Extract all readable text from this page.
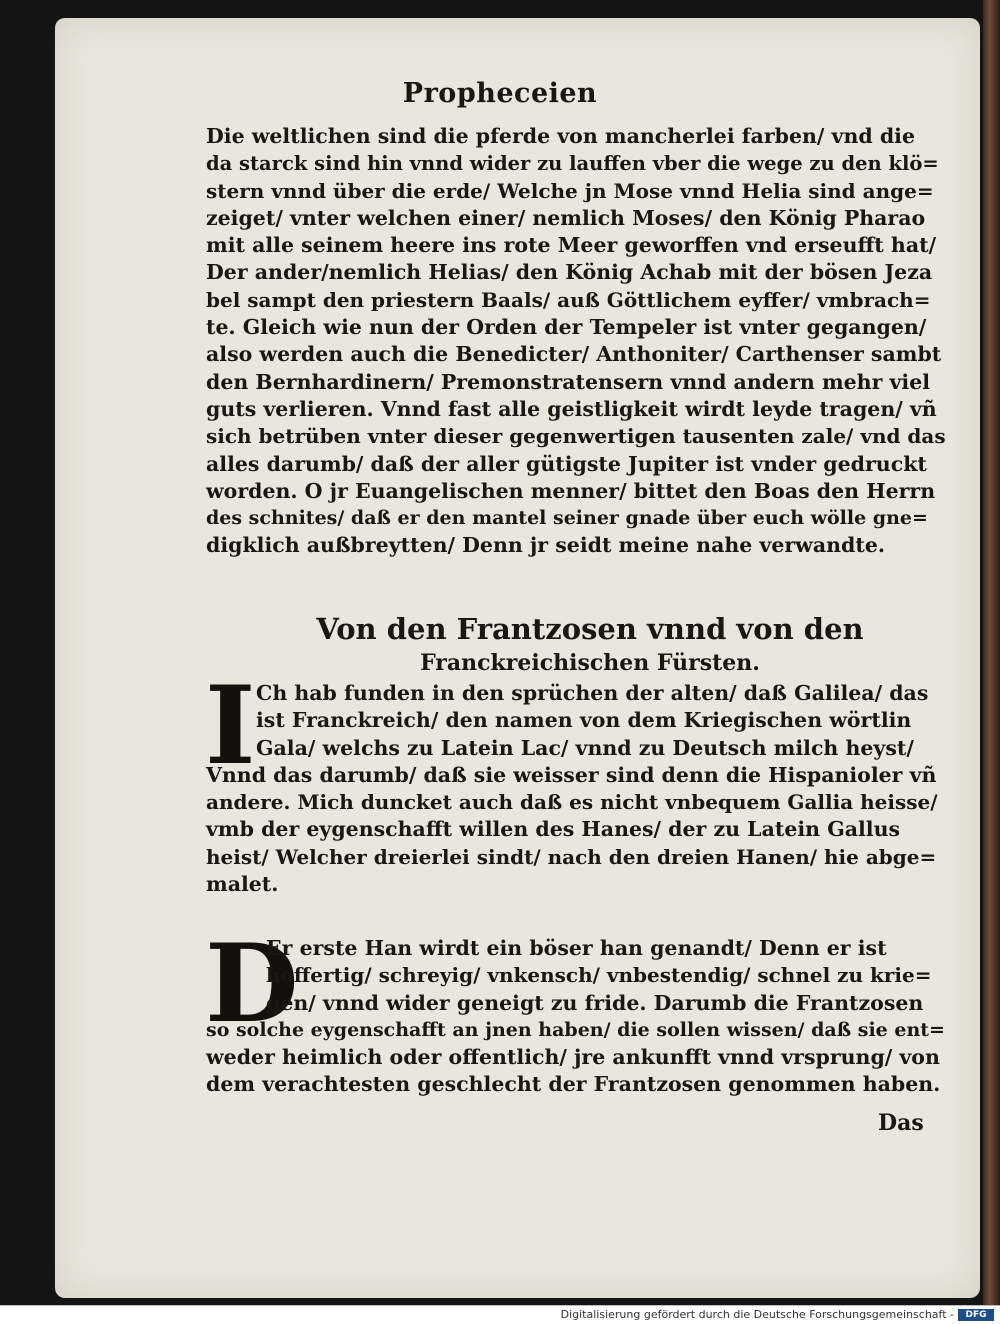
Propheceien
Die weltlichen sind die pferde von mancherlei farben/ vnd die
da starck sind hin vnnd wider zu lauffen vber die wege zu den klö=
stern vnnd über die erde/ Welche jn Mose vnnd Helia sind ange=
zeiget/ vnter welchen einer/ nemlich Moses/ den König Pharao
mit alle seinem heere ins rote Meer geworffen vnd erseufft hat/
Der ander/nemlich Helias/ den König Achab mit der bösen Jeza
bel sampt den priestern Baals/ auß Göttlichem eyffer/ vmbrach=
te. Gleich wie nun der Orden der Tempeler ist vnter gegangen/
also werden auch die Benedicter/ Anthoniter/ Carthenser sambt
den Bernhardinern/ Premonstratensern vnnd andern mehr viel
guts verlieren. Vnnd fast alle geistligkeit wirdt leyde tragen/ vñ
sich betrüben vnter dieser gegenwertigen tausenten zale/ vnd das
alles darumb/ daß der aller gütigste Jupiter ist vnder gedruckt
worden. O jr Euangelischen menner/ bittet den Boas den Herrn
des schnites/ daß er den mantel seiner gnade über euch wölle gne=
digklich außbreytten/ Denn jr seidt meine nahe verwandte.
Von den Frantzosen vnnd von den
Franckreichischen Fürsten.
I Ch hab funden in den sprüchen der alten/ daß Galilea/ das
ist Franckreich/ den namen von dem Kriegischen wörtlin
Gala/ welchs zu Latein Lac/ vnnd zu Deutsch milch heyst/
Vnnd das darumb/ daß sie weisser sind denn die Hispanioler vñ
andere. Mich duncket auch daß es nicht vnbequem Gallia heisse/
vmb der eygenschafft willen des Hanes/ der zu Latein Gallus
heist/ Welcher dreierlei sindt/ nach den dreien Hanen/ hie abge=
malet.
D
Er erste Han wirdt ein böser han genandt/ Denn er ist
hoffertig/ schreyig/ vnkensch/ vnbestendig/ schnel zu krie=
gen/ vnnd wider geneigt zu fride. Darumb die Frantzosen
so solche eygenschafft an jnen haben/ die sollen wissen/ daß sie ent=
weder heimlich oder offentlich/ jre ankunfft vnnd vrsprung/ von
dem verachtesten geschlecht der Frantzosen genommen haben.
Das
Digitalisierung gefördert durch die Deutsche Forschungsgemeinschaft -	DFG
